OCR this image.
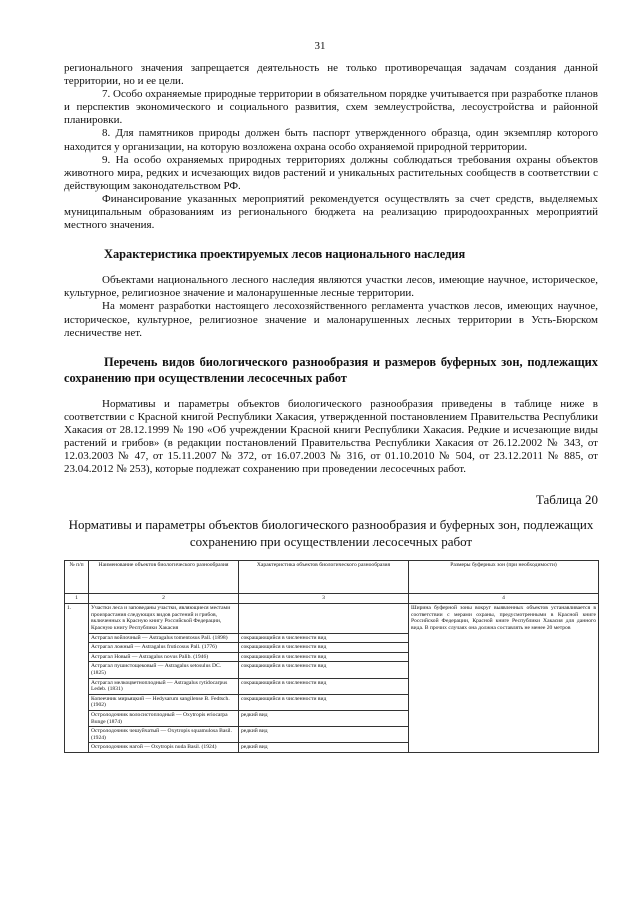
31

регионального значения запрещается деятельность не только противоречащая задачам создания данной территории, но и ее цели.

7. Особо охраняемые природные территории в обязательном порядке учитывается при разработке планов и перспектив экономического и социального развития, схем землеустройства, лесоустройства и районной планировки.

8. Для памятников природы должен быть паспорт утвержденного образца, один экземпляр которого находится у организации, на которую возложена охрана особо охраняемой природной территории.

9. На особо охраняемых природных территориях должны соблюдаться требования охраны объектов животного мира, редких и исчезающих видов растений и уникальных растительных сообществ в соответствии с действующим законодательством РФ.

Финансирование указанных мероприятий рекомендуется осуществлять за счет средств, выделяемых муниципальным образованиям из регионального бюджета на реализацию природоохранных мероприятий местного значения.

Характеристика проектируемых лесов национального наследия

Объектами национального лесного наследия являются участки лесов, имеющие научное, историческое, культурное, религиозное значение и малонарушенные лесные территории.

На момент разработки настоящего лесохозяйственного регламента участков лесов, имеющих научное, историческое, культурное, религиозное значение и малонарушенных лесных территории в Усть-Бюрском лесничестве нет.

Перечень видов биологического разнообразия и размеров буферных зон, подлежащих сохранению при осуществлении лесосечных работ

Нормативы и параметры объектов биологического разнообразия приведены в таблице ниже в соответствии с Красной книгой Республики Хакасия, утвержденной постановлением Правительства Республики Хакасия от 28.12.1999 № 190 «Об учреждении Красной книги Республики Хакасия. Редкие и исчезающие виды растений и грибов» (в редакции постановлений Правительства Республики Хакасия от 26.12.2002 № 343, от 12.03.2003 № 47, от 15.11.2007 № 372, от 16.07.2003 № 316, от 01.10.2010 № 504, от 23.12.2011 № 885, от 23.04.2012 № 253), которые подлежат сохранению при проведении лесосечных работ.

Таблица 20
Нормативы и параметры объектов биологического разнообразия и буферных зон, подлежащих сохранению при осуществлении лесосечных работ
№ п/п	Наименование объектов биологического разнообразия	Характеристика объектов биологического разнообразия	Размеры буферных зон (при необходимости)
1	2	3	4
1.	Участки леса и заповеданы участки, являющиеся местами произрастания следующих видов растений и грибов, включенных в Красную книгу Российской Федерации, Красную книгу Республики Хакасия		Ширина буферной зоны вокруг выявленных объектов устанавливается в соответствии с мерами охраны, предусмотренными в Красной книге Российской Федерации, Красной книге Республики Хакасия для данного вида. В прочих случаях она должна составлять не менее 20 метров
	Астрагал войлочный — Astragalus tomentosus Pall. (1898)	сокращающийся в численности вид	
	Астрагал ложный — Astragalus fruticosus Pall. (1776)	сокращающийся в численности вид	
	Астрагал Новый — Astragalus novus Palib. (1946)	сокращающийся в численности вид	
	Астрагал пушистощековый — Astragalus setosulus DC. (1825)	сокращающийся в численности вид	
	Астрагал мелкоцветноплодный — Astragalus rytidocarpus Ledeb. (1831)	сокращающийся в численности вид	
	Копеечник мирьяцкий — Hedysarum sangilense B. Fedtsch. (1902)	сокращающийся в численности вид	
	Остролодочник волосистоплодный — Oxytropis eriocarpa Bunge (1874)	редкий вид	
	Остролодочник чешуйчатый — Oxytropis squamulosa Basil. (1924)	редкий вид	
	Остролодочник нагой — Oxytropis nuda Basil. (1924)	редкий вид	
